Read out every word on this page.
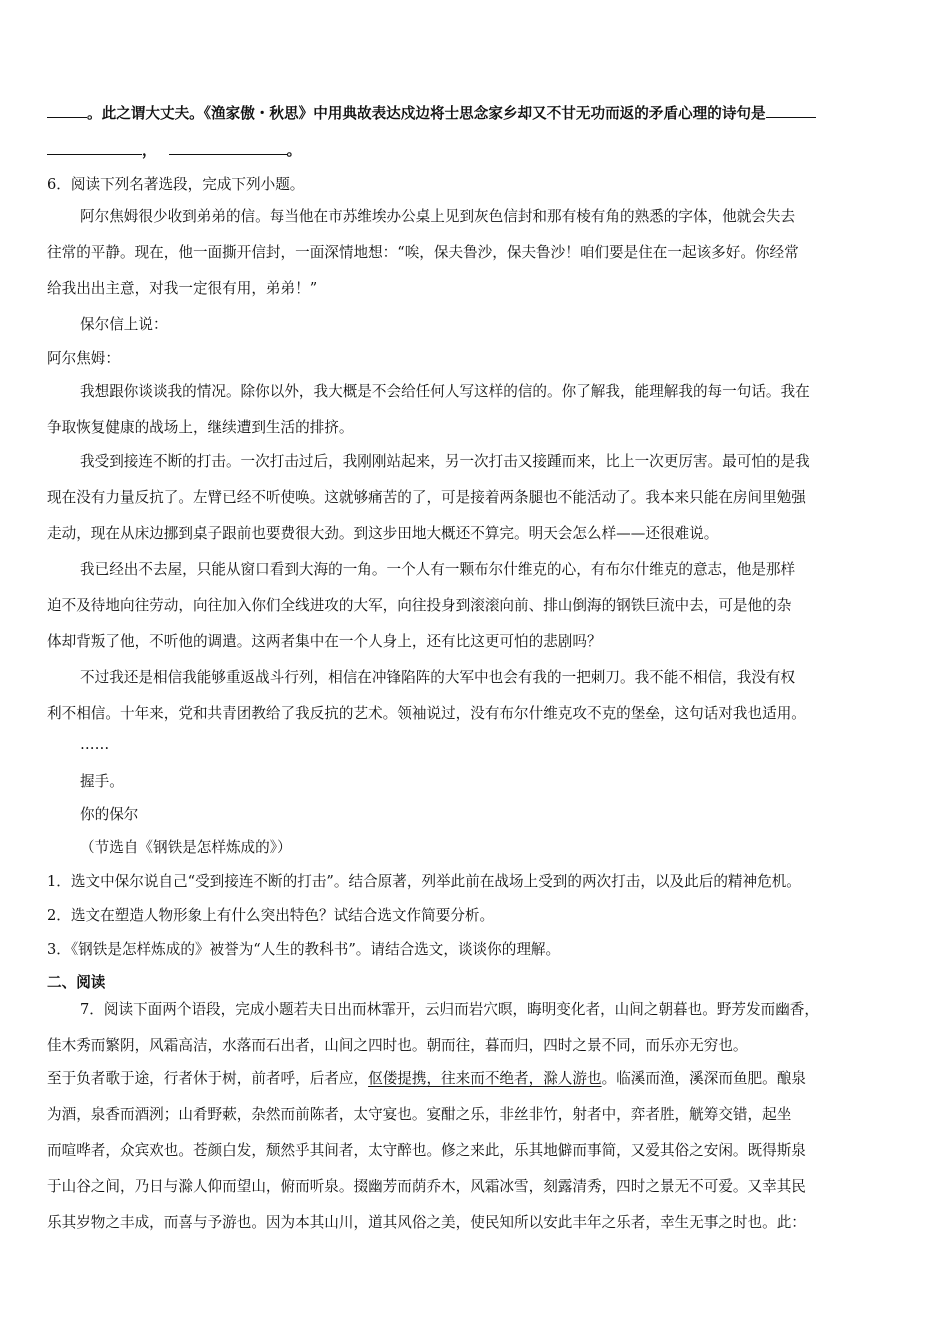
。此之谓大丈夫。《渔家傲・秋思》中用典故表达戍边将士思念家乡却又不甘无功而返的矛盾心理的诗句是
，	。
6．阅读下列名著选段，完成下列小题。
阿尔焦姆很少收到弟弟的信。每当他在市苏维埃办公桌上见到灰色信封和那有棱有角的熟悉的字体，他就会失去
往常的平静。现在，他一面撕开信封，一面深情地想：“唉，保夫鲁沙，保夫鲁沙！咱们要是住在一起该多好。你经常
给我出出主意，对我一定很有用，弟弟！”
保尔信上说：
阿尔焦姆：
我想跟你谈谈我的情况。除你以外，我大概是不会给任何人写这样的信的。你了解我，能理解我的每一句话。我在
争取恢复健康的战场上，继续遭到生活的排挤。
我受到接连不断的打击。一次打击过后，我刚刚站起来，另一次打击又接踵而来，比上一次更厉害。最可怕的是我
现在没有力量反抗了。左臂已经不听使唤。这就够痛苦的了，可是接着两条腿也不能活动了。我本来只能在房间里勉强
走动，现在从床边挪到桌子跟前也要费很大劲。到这步田地大概还不算完。明天会怎么样——还很难说。
我已经出不去屋，只能从窗口看到大海的一角。一个人有一颗布尔什维克的心，有布尔什维克的意志，他是那样
迫不及待地向往劳动，向往加入你们全线进攻的大军，向往投身到滚滚向前、排山倒海的钢铁巨流中去，可是他的杂
体却背叛了他，不听他的调遣。这两者集中在一个人身上，还有比这更可怕的悲剧吗？
不过我还是相信我能够重返战斗行列，相信在冲锋陷阵的大军中也会有我的一把刺刀。我不能不相信，我没有权
利不相信。十年来，党和共青团教给了我反抗的艺术。领袖说过，没有布尔什维克攻不克的堡垒，这句话对我也适用。
……
握手。
你的保尔
（节选自《钢铁是怎样炼成的》）
1．选文中保尔说自己“受到接连不断的打击”。结合原著，列举此前在战场上受到的两次打击，以及此后的精神危机。
2．选文在塑造人物形象上有什么突出特色？试结合选文作简要分析。
3．《钢铁是怎样炼成的》被誉为“人生的教科书”。请结合选文，谈谈你的理解。
二、阅读
7．阅读下面两个语段，完成小题若夫日出而林霏开，云归而岩穴暝，晦明变化者，山间之朝暮也。野芳发而幽香，
佳木秀而繁阴，风霜高洁，水落而石出者，山间之四时也。朝而往，暮而归，四时之景不同，而乐亦无穷也。
至于负者歌于途，行者休于树，前者呼，后者应，伛偻提携，往来而不绝者，滁人游也。临溪而渔，溪深而鱼肥。酿泉
为酒，泉香而酒洌；山肴野蔌，杂然而前陈者，太守宴也。宴酣之乐，非丝非竹，射者中，弈者胜，觥筹交错，起坐
而喧哗者，众宾欢也。苍颜白发，颓然乎其间者，太守醉也。修之来此，乐其地僻而事简，又爱其俗之安闲。既得斯泉
于山谷之间，乃日与滁人仰而望山，俯而听泉。掇幽芳而荫乔木，风霜冰雪，刻露清秀，四时之景无不可爱。又幸其民
乐其岁物之丰成，而喜与予游也。因为本其山川，道其风俗之美，使民知所以安此丰年之乐者，幸生无事之时也。此：
